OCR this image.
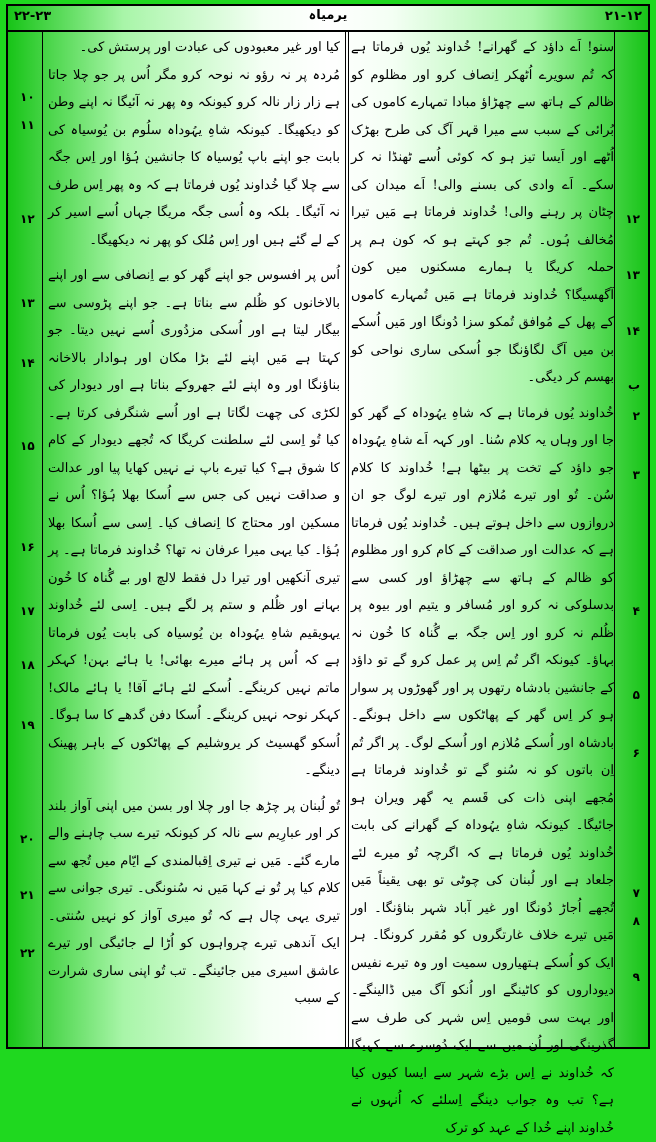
۲۲-۲۳	یرمیاہ	۲۱-۱۲

سنو! اَے داؤد کے گھرانے! خُداوند یُوں فرماتا ہے کہ تُم سویرے اُٹھکر اِنصاف کرو اور مظلوم کو ظالم کے ہاتھ سے چھڑاؤ مبادا تمہارے کاموں کی بُرائی کے سبب سے میرا قہر آگ کی طرح بھڑک اُٹھے اور اَیسا تیز ہو کہ کوئی اُسے ٹھنڈا نہ کر سکے۔ اَے وادی کی بسنے والی! اَے میدان کی چٹان پر رہنے والی! خُداوند فرماتا ہے مَیں تیرا مُخالف ہُوں۔ تُم جو کہتے ہو کہ کون ہم پر حملہ کریگا یا ہمارے مسکنوں میں کون آگھسیگا؟ خُداوند فرماتا ہے مَیں تُمہارے کاموں کے پھل کے مُوافق تُمکو سزا دُونگا اور مَیں اُسکے بن میں آگ لگاؤنگا جو اُسکی ساری نواحی کو بھسم کر دیگی۔

خُداوند یُوں فرماتا ہے کہ شاہِ یہُوداہ کے گھر کو جا اور وہاں یہ کلام سُنا۔ اور کہہ اَے شاہِ یہُوداہ جو داؤد کے تخت پر بیٹھا ہے! خُداوند کا کلام سُن۔ تُو اور تیرے مُلازم اور تیرے لوگ جو ان دروازوں سے داخل ہوتے ہیں۔ خُداوند یُوں فرماتا ہے کہ عدالت اور صداقت کے کام کرو اور مظلوم کو ظالم کے ہاتھ سے چھڑاؤ اور کسی سے بدسلوکی نہ کرو اور مُسافر و یتیم اور بیوہ پر ظُلم نہ کرو اور اِس جگہ بے گُناہ کا خُون نہ بہاؤ۔ کیونکہ اگر تُم اِس پر عمل کرو گے تو داؤد کے جانشین بادشاہ رتھوں پر اور گھوڑوں پر سوار ہو کر اِس گھر کے پھاٹکوں سے داخل ہونگے۔ بادشاہ اور اُسکے مُلازم اور اُسکے لوگ۔ پر اگر تُم اِن باتوں کو نہ سُنو گے تو خُداوند فرماتا ہے مُجھے اپنی ذات کی قَسم یہ گھر ویران ہو جائیگا۔ کیونکہ شاہِ یہُوداہ کے گھرانے کی بابت خُداوند یُوں فرماتا ہے کہ اگرچہ تُو میرے لئے جلعاد ہے اور لُبنان کی چوٹی تو بھی یقیناً مَیں تُجھے اُجاڑ دُونگا اور غیر آباد شہر بناؤنگا۔ اور مَیں تیرے خلاف غارتگروں کو مُقرر کرونگا۔ ہر ایک کو اُسکے ہتھیاروں سمیت اور وہ تیرے نفیس دیوداروں کو کاٹینگے اور اُنکو آگ میں ڈالینگے۔ اور بہت سی قومیں اِس شہر کی طرف سے گذرینگی اور اُن میں سے ایک دُوسرے سے کہیگا کہ خُداوند نے اِس بڑے شہر سے ایسا کیوں کیا ہے؟ تب وہ جواب دینگے اِسلئے کہ اُنہوں نے خُداوند اپنے خُدا کے عہد کو ترک

کیا اور غیر معبودوں کی عبادت اور پرستش کی۔

مُردہ پر نہ رؤو نہ نوحہ کرو مگر اُس پر جو چلا جاتا ہے زار زار نالہ کرو کیونکہ وہ پھر نہ آئیگا نہ اپنے وطن کو دیکھیگا۔ کیونکہ شاہِ یہُوداہ سلُوم بن یُوسیاہ کی بابت جو اپنے باپ یُوسیاہ کا جانشین ہُؤا اور اِس جگہ سے چلا گیا خُداوند یُوں فرماتا ہے کہ وہ پھر اِس طرف نہ آئیگا۔ بلکہ وہ اُسی جگہ مریگا جہاں اُسے اسیر کر کے لے گئے ہیں اور اِس مُلک کو پھر نہ دیکھیگا۔

اُس پر افسوس جو اپنے گھر کو بے اِنصافی سے اور اپنے بالاخانوں کو ظُلم سے بناتا ہے۔ جو اپنے پڑوسی سے بیگار لیتا ہے اور اُسکی مزدُوری اُسے نہیں دیتا۔ جو کہتا ہے مَیں اپنے لئے بڑا مکان اور ہوادار بالاخانہ بناؤنگا اور وہ اپنے لئے جھروکے بناتا ہے اور دیودار کی لکڑی کی چھت لگاتا ہے اور اُسے شنگرفی کرتا ہے۔ کیا تُو اِسی لئے سلطنت کریگا کہ تُجھے دیودار کے کام کا شوق ہے؟ کیا تیرے باپ نے نہیں کھایا پیا اور عدالت و صداقت نہیں کی جس سے اُسکا بھلا ہُؤا؟ اُس نے مسکین اور محتاج کا اِنصاف کیا۔ اِسی سے اُسکا بھلا ہُؤا۔ کیا یہی میرا عرفان نہ تھا؟ خُداوند فرماتا ہے۔ پر تیری آنکھیں اور تیرا دل فقط لالچ اور بے گُناہ کا خُون بہانے اور ظُلم و ستم پر لگے ہیں۔ اِسی لئے خُداوند یہویقیم شاہِ یہُوداہ بن یُوسیاہ کی بابت یُوں فرماتا ہے کہ اُس پر ہائے میرے بھائی! یا ہائے بہن! کہکر ماتم نہیں کرینگے۔ اُسکے لئے ہائے آقا! یا ہائے مالک! کہکر نوحہ نہیں کرینگے۔ اُسکا دفن گدھے کا سا ہوگا۔ اُسکو گھسیٹ کر یروشلیم کے پھاٹکوں کے باہر پھینک دینگے۔

تُو لُبنان پر چڑھ جا اور چلا اور بسن میں اپنی آواز بلند کر اور عبارِیم سے نالہ کر کیونکہ تیرے سب چاہنے والے مارے گئے۔ مَیں نے تیری اِقبالمندی کے ایّام میں تُجھ سے کلام کیا پر تُو نے کہا مَیں نہ سُنونگی۔ تیری جوانی سے تیری یہی چال ہے کہ تُو میری آواز کو نہیں سُنتی۔ ایک آندھی تیرے چرواہوں کو اُڑا لے جائیگی اور تیرے عاشق اسیری میں جائینگے۔ تب تُو اپنی ساری شرارت کے سبب

۱۰
۱۱
۱۲
۱۳
۱۴
۱۵
۱۶
۱۷
۱۸
۱۹
۲۰
۲۱
۲۲
۱۲
۱۳
۱۴
ب
۲
۳
۴
۵
۶
۷
۸
۹
